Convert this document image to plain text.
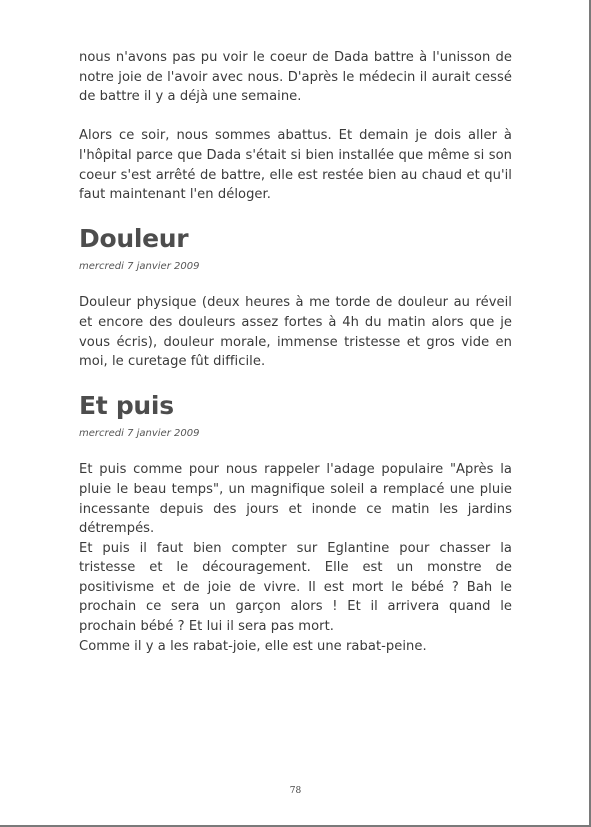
nous n'avons pas pu voir le coeur de Dada battre à l'unisson de notre joie de l'avoir avec nous. D'après le médecin il aurait cessé de battre il y a déjà une semaine.

Alors ce soir, nous sommes abattus. Et demain je dois aller à l'hôpital parce que Dada s'était si bien installée que même si son coeur s'est arrêté de battre, elle est restée bien au chaud et qu'il faut maintenant l'en déloger.

Douleur
mercredi 7 janvier 2009

Douleur physique (deux heures à me torde de douleur au réveil et encore des douleurs assez fortes à 4h du matin alors que je vous écris), douleur morale, immense tristesse et gros vide en moi, le curetage fût difficile.

Et puis
mercredi 7 janvier 2009

Et puis comme pour nous rappeler l'adage populaire "Après la pluie le beau temps", un magnifique soleil a remplacé une pluie incessante depuis des jours et inonde ce matin les jardins détrempés.

Et puis il faut bien compter sur Eglantine pour chasser la tristesse et le découragement. Elle est un monstre de positivisme et de joie de vivre. Il est mort le bébé ? Bah le prochain ce sera un garçon alors ! Et il arrivera quand le prochain bébé ? Et lui il sera pas mort.

Comme il y a les rabat-joie, elle est une rabat-peine.

78
